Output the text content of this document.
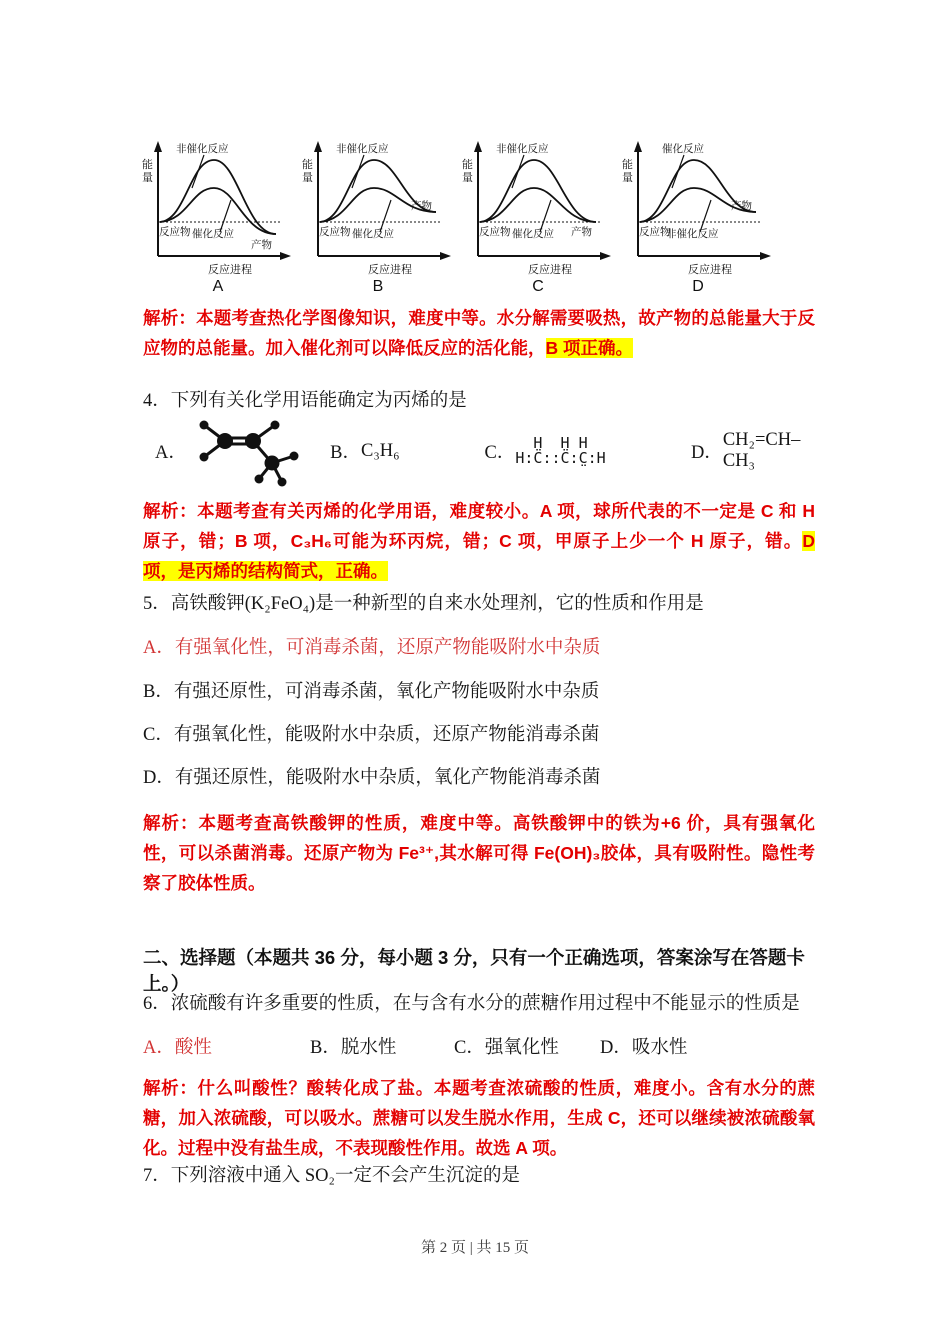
能量
非催化反应
催化反应
反应物
产物
反应进程
A
能量
非催化反应
催化反应
反应物
产物
反应进程
B
能量
非催化反应
催化反应
反应物	产物
反应进程
C
能量
催化反应
非催化反应
反应物
产物
反应进程
D
解析：本题考查热化学图像知识，难度中等。水分解需要吸热，故产物的总能量大于反应物的总能量。加入催化剂可以降低反应的活化能，B 项正确。
4．下列有关化学用语能确定为丙烯的是
A．	B． C₃H₆	C． H  H H
H:C̈::C̈:C̤:H	D．
CH₂=CH–CH₃
解析：本题考查有关丙烯的化学用语，难度较小。A 项，球所代表的不一定是 C 和 H 原子，错；B 项，C₃H₆可能为环丙烷，错；C 项，甲原子上少一个 H 原子，错。D 项，是丙烯的结构简式，正确。
5．高铁酸钾(K₂FeO₄)是一种新型的自来水处理剂，它的性质和作用是
A．有强氧化性，可消毒杀菌，还原产物能吸附水中杂质
B．有强还原性，可消毒杀菌，氧化产物能吸附水中杂质
C．有强氧化性，能吸附水中杂质，还原产物能消毒杀菌
D．有强还原性，能吸附水中杂质，氧化产物能消毒杀菌
解析：本题考查高铁酸钾的性质，难度中等。高铁酸钾中的铁为+6 价，具有强氧化性，可以杀菌消毒。还原产物为 Fe³⁺,其水解可得 Fe(OH)₃胶体，具有吸附性。隐性考察了胶体性质。
二、选择题（本题共 36 分，每小题 3 分，只有一个正确选项，答案涂写在答题卡上。）
6．浓硫酸有许多重要的性质，在与含有水分的蔗糖作用过程中不能显示的性质是
A．酸性	B．脱水性	C．强氧化性	D．吸水性
解析：什么叫酸性？酸转化成了盐。本题考查浓硫酸的性质，难度小。含有水分的蔗糖，加入浓硫酸，可以吸水。蔗糖可以发生脱水作用，生成 C，还可以继续被浓硫酸氧化。过程中没有盐生成，不表现酸性作用。故选 A 项。
7．下列溶液中通入 SO₂一定不会产生沉淀的是
第 2 页 | 共 15 页
